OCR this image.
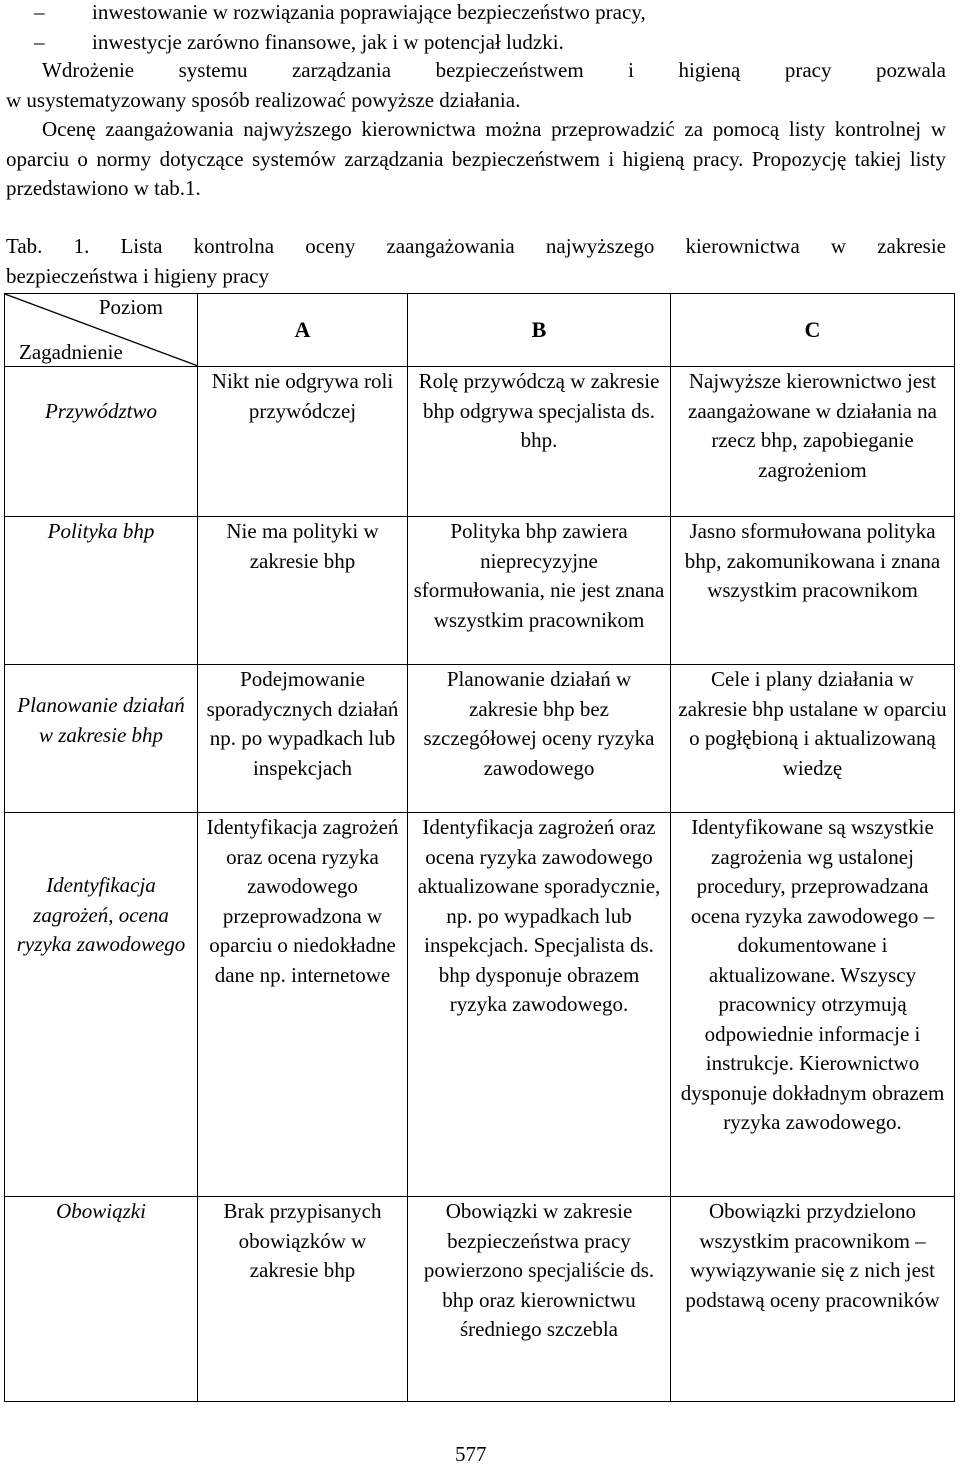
–	inwestowanie w rozwiązania poprawiające bezpieczeństwo pracy,
–	inwestycje zarówno finansowe, jak i w potencjał ludzki.
Wdrożenie systemu zarządzania bezpieczeństwem i higieną pracy pozwala
w usystematyzowany sposób realizować powyższe działania.
Ocenę zaangażowania najwyższego kierownictwa można przeprowadzić za pomocą listy kontrolnej w oparciu o normy dotyczące systemów zarządzania bezpieczeństwem i higieną pracy. Propozycję takiej listy przedstawiono w tab.1.
Tab. 1. Lista kontrolna oceny zaangażowania najwyższego kierownictwa w zakresie
bezpieczeństwa i higieny pracy
Poziom
Zagadnienie	A	B	C
Przywództwo	Nikt nie odgrywa roli przywódczej	Rolę przywódczą w zakresie bhp odgrywa specjalista ds. bhp.	Najwyższe kierownictwo jest zaangażowane w działania na rzecz bhp, zapobieganie zagrożeniom
Polityka bhp	Nie ma polityki w zakresie bhp	Polityka bhp zawiera nieprecyzyjne sformułowania, nie jest znana wszystkim pracownikom	Jasno sformułowana polityka bhp, zakomunikowana i znana wszystkim pracownikom
Planowanie działań w zakresie bhp	Podejmowanie sporadycznych działań np. po wypadkach lub inspekcjach	Planowanie działań w zakresie bhp bez szczegółowej oceny ryzyka zawodowego	Cele i plany działania w zakresie bhp ustalane w oparciu o pogłębioną i aktualizowaną wiedzę
Identyfikacja zagrożeń, ocena ryzyka zawodowego	Identyfikacja zagrożeń oraz ocena ryzyka zawodowego przeprowadzona w oparciu o niedokładne dane np. internetowe	Identyfikacja zagrożeń oraz ocena ryzyka zawodowego aktualizowane sporadycznie, np. po wypadkach lub inspekcjach. Specjalista ds. bhp dysponuje obrazem ryzyka zawodowego.	Identyfikowane są wszystkie zagrożenia wg ustalonej procedury, przeprowadzana ocena ryzyka zawodowego – dokumentowane i aktualizowane. Wszyscy pracownicy otrzymują odpowiednie informacje i instrukcje. Kierownictwo dysponuje dokładnym obrazem ryzyka zawodowego.
Obowiązki	Brak przypisanych obowiązków w zakresie bhp	Obowiązki w zakresie bezpieczeństwa pracy powierzono specjaliście ds. bhp oraz kierownictwu średniego szczebla	Obowiązki przydzielono wszystkim pracownikom – wywiązywanie się z nich jest podstawą oceny pracowników
577
